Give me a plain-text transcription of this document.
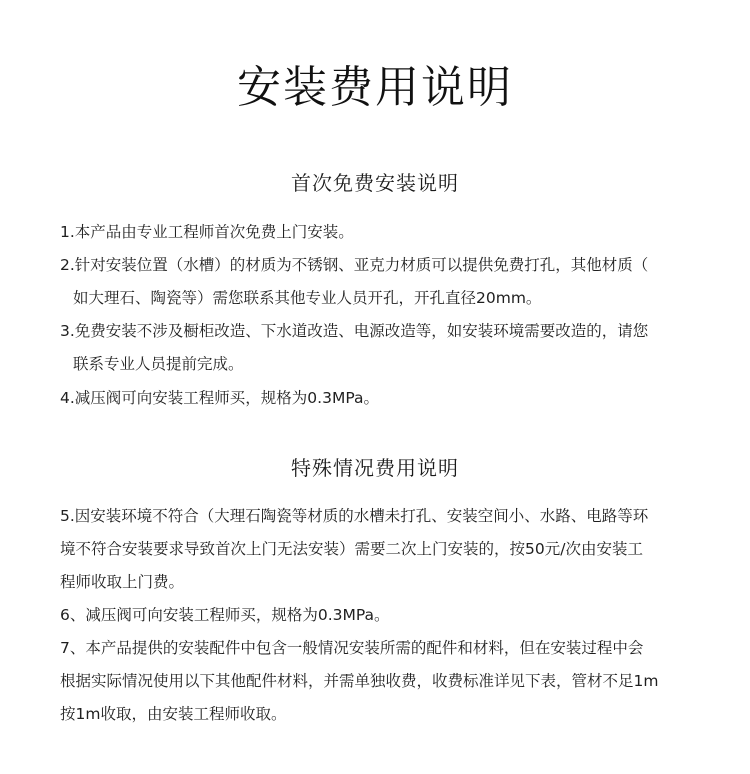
安装费用说明
首次免费安装说明
1.本产品由专业工程师首次免费上门安装。
2.针对安装位置（水槽）的材质为不锈钢、亚克力材质可以提供免费打孔，其他材质（
如大理石、陶瓷等）需您联系其他专业人员开孔，开孔直径20mm。
3.免费安装不涉及橱柜改造、下水道改造、电源改造等，如安装环境需要改造的，请您
联系专业人员提前完成。
4.减压阀可向安装工程师买，规格为0.3MPa。
特殊情况费用说明
5.因安装环境不符合（大理石陶瓷等材质的水槽未打孔、安装空间小、水路、电路等环
境不符合安装要求导致首次上门无法安装）需要二次上门安装的，按50元/次由安装工
程师收取上门费。
6、减压阀可向安装工程师买，规格为0.3MPa。
7、本产品提供的安装配件中包含一般情况安装所需的配件和材料，但在安装过程中会
根据实际情况使用以下其他配件材料，并需单独收费，收费标准详见下表，管材不足1m
按1m收取，由安装工程师收取。
